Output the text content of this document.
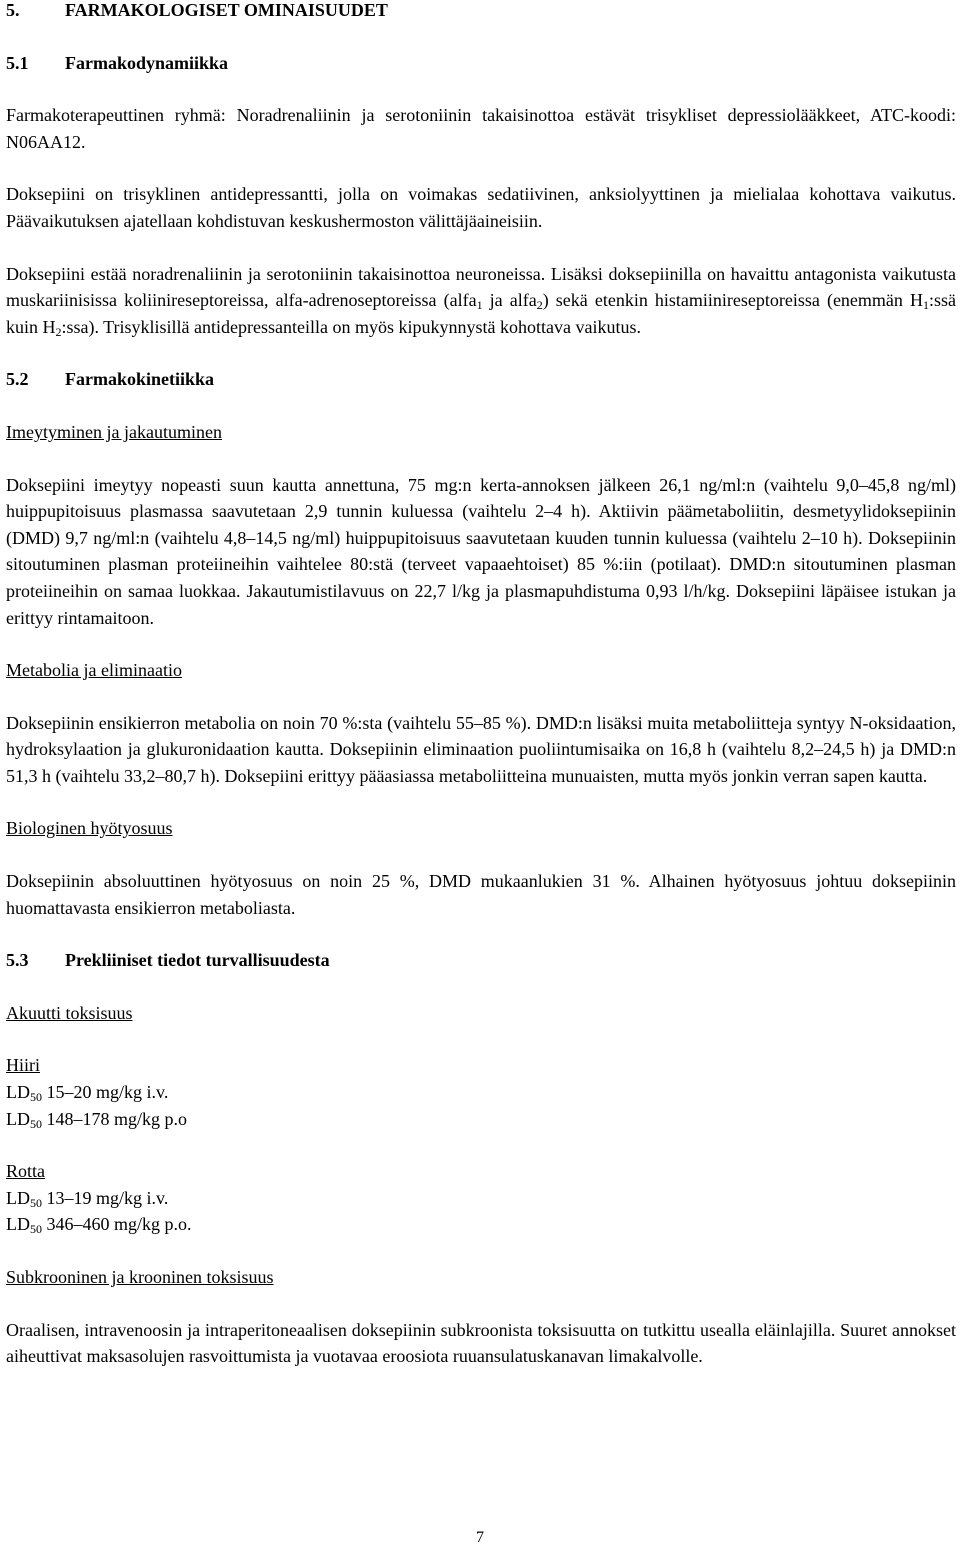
5.	FARMAKOLOGISET OMINAISUUDET

5.1 Farmakodynamiikka

Farmakoterapeuttinen ryhmä: Noradrenaliinin ja serotoniinin takaisinottoa estävät trisykliset depressiolääkkeet, ATC-koodi: N06AA12.

Doksepiini on trisyklinen antidepressantti, jolla on voimakas sedatiivinen, anksiolyyttinen ja mielialaa kohottava vaikutus. Päävaikutuksen ajatellaan kohdistuvan keskushermoston välittäjäaineisiin.

Doksepiini estää noradrenaliinin ja serotoniinin takaisinottoa neuroneissa. Lisäksi doksepiinilla on havaittu antagonista vaikutusta muskariinisissa koliinireseptoreissa, alfa-adrenoseptoreissa (alfa$_1$ ja alfa$_2$) sekä etenkin histamiinireseptoreissa (enemmän $H_1:ssä$ kuin $H_2:ssa$). Trisyklisillä antidepressanteilla on myös kipukynnystä kohottava vaikutus.

5.2 Farmakokinetiikka

Imeytyminen ja jakautuminen

Doksepiini imeytyy nopeasti suun kautta annettuna, 75 mg:n kerta-annoksen jälkeen 26,1 ng/ml:n (vaihtelu 9,0–45,8 ng/ml) huippupitoisuus plasmassa saavutetaan 2,9 tunnin kuluessa (vaihtelu 2–4 h). Aktiivin päämetaboliitin, desmetyylidoksepiinin (DMD) 9,7 ng/ml:n (vaihtelu 4,8–14,5 ng/ml) huippupitoisuus saavutetaan kuuden tunnin kuluessa (vaihtelu 2–10 h). Doksepiinin sitoutuminen plasman proteiineihin vaihtelee 80:stä (terveet vapaaehtoiset) 85 %:iin (potilaat). DMD:n sitoutuminen plasman proteiineihin on samaa luokkaa. Jakautumistilavuus on 22,7 l/kg ja plasmapuhdistuma 0,93 l/h/kg. Doksepiini läpäisee istukan ja erittyy rintamaitoon.

Metabolia ja eliminaatio

Doksepiinin ensikierron metabolia on noin 70 %:sta (vaihtelu 55–85 %). DMD:n lisäksi muita metaboliitteja syntyy N-oksidaation, hydroksylaation ja glukuronidaation kautta. Doksepiinin eliminaation puoliintumisaika on 16,8 h (vaihtelu 8,2–24,5 h) ja DMD:n 51,3 h (vaihtelu 33,2–80,7 h). Doksepiini erittyy pääasiassa metaboliitteina munuaisten, mutta myös jonkin verran sapen kautta.

Biologinen hyötyosuus

Doksepiinin absoluuttinen hyötyosuus on noin 25 %, DMD mukaanlukien 31 %. Alhainen hyötyosuus johtuu doksepiinin huomattavasta ensikierron metaboliasta.

5.3 Prekliiniset tiedot turvallisuudesta

Akuutti toksisuus

Hiiri

$LD_{50}$ 15–20 mg/kg i.v.

$LD_{50}$ 148–178 mg/kg p.o

Rotta

$LD_{50}$ 13–19 mg/kg i.v.

$LD_{50}$ 346–460 mg/kg p.o.

Subkrooninen ja krooninen toksisuus

Oraalisen, intravenoosin ja intraperitoneaalisen doksepiinin subkroonista toksisuutta on tutkittu usealla eläinlajilla. Suuret annokset aiheuttivat maksasolujen rasvoittumista ja vuotavaa eroosiota ruuansulatuskanavan limakalvolle.

7
